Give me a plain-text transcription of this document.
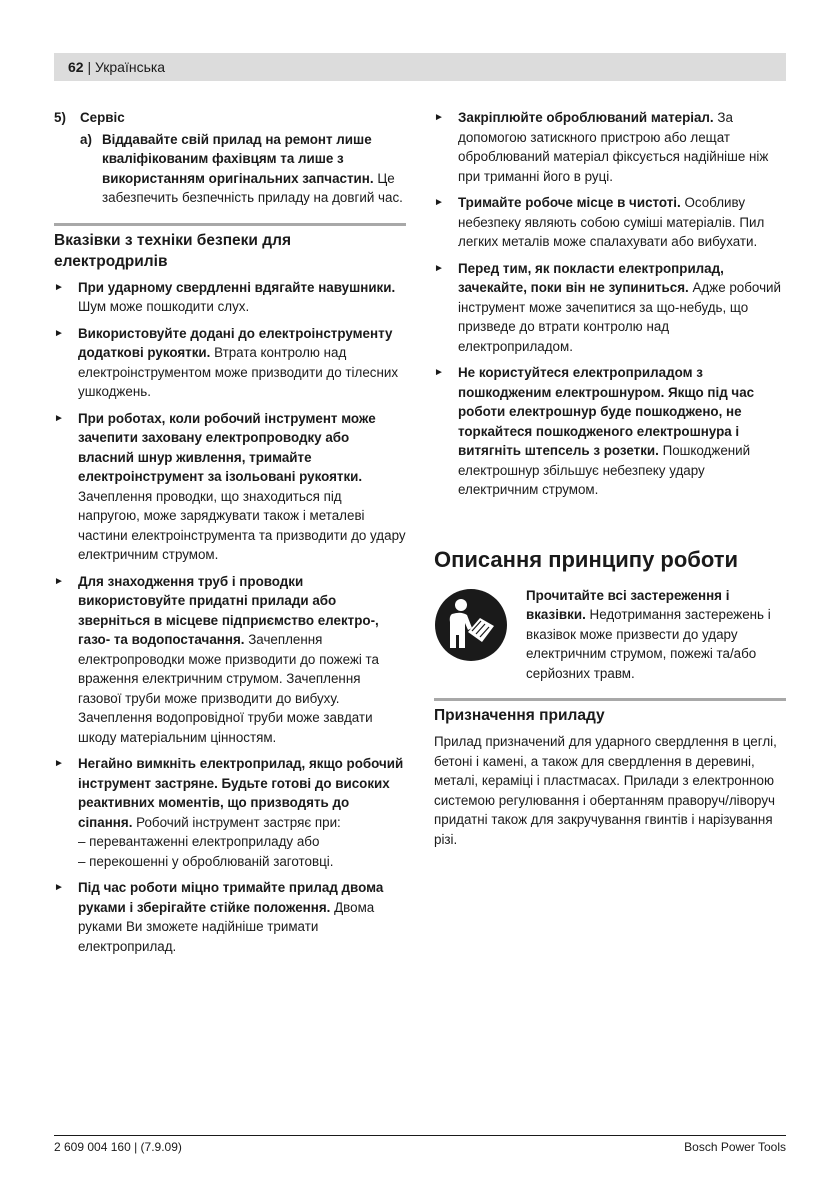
62 | Українська
5)	Сервіс
a) Віддавайте свій прилад на ремонт лише кваліфікованим фахівцям та лише з використанням оригінальних запчастин. Це забезпечить безпечність приладу на довгий час.
Вказівки з техніки безпеки для електродрилів
►	При ударному свердленні вдягайте навушники. Шум може пошкодити слух.
►	Використовуйте додані до електроінструменту додаткові рукоятки. Втрата контролю над електроінструментом може призводити до тілесних ушкоджень.
►	При роботах, коли робочий інструмент може зачепити заховану електропроводку або власний шнур живлення, тримайте електроінструмент за ізольовані рукоятки. Зачеплення проводки, що знаходиться під напругою, може заряджувати також і металеві частини електроінструмента та призводити до удару електричним струмом.
►	Для знаходження труб і проводки використовуйте придатні прилади або зверніться в місцеве підприємство електро-, газо- та водопостачання. Зачеплення електропроводки може призводити до пожежі та враження електричним струмом. Зачеплення газової труби може призводити до вибуху. Зачеплення водопровідної труби може завдати шкоду матеріальним цінностям.
►	Негайно вимкніть електроприлад, якщо робочий інструмент застряне. Будьте готові до високих реактивних моментів, що призводять до сіпання. Робочий інструмент застряє при:
– перевантаженні електроприладу або
– перекошенні у оброблюваній заготовці.
►	Під час роботи міцно тримайте прилад двома руками і зберігайте стійке положення. Двома руками Ви зможете надійніше тримати електроприлад.
►	Закріплюйте оброблюваний матеріал. За допомогою затискного пристрою або лещат оброблюваний матеріал фіксується надійніше ніж при триманні його в руці.
►	Тримайте робоче місце в чистоті. Особливу небезпеку являють собою суміші матеріалів. Пил легких металів може спалахувати або вибухати.
►	Перед тим, як покласти електроприлад, зачекайте, поки він не зупиниться. Адже робочий інструмент може зачепитися за що-небудь, що призведе до втрати контролю над електроприладом.
►	Не користуйтеся електроприладом з пошкодженим електрошнуром. Якщо під час роботи електрошнур буде пошкоджено, не торкайтеся пошкодженого електрошнура і витягніть штепсель з розетки. Пошкоджений електрошнур збільшує небезпеку удару електричним струмом.
Описання принципу роботи
Прочитайте всі застереження і вказівки. Недотримання застережень і вказівок може призвести до удару електричним струмом, пожежі та/або серйозних травм.
Призначення приладу

Прилад призначений для ударного свердлення в цеглі, бетоні і камені, а також для свердлення в деревині, металі, кераміці і пластмасах. Прилади з електронною системою регулювання і обертанням праворуч/ліворуч придатні також для закручування гвинтів і нарізування різі.

2 609 004 160 | (7.9.09)	Bosch Power Tools
